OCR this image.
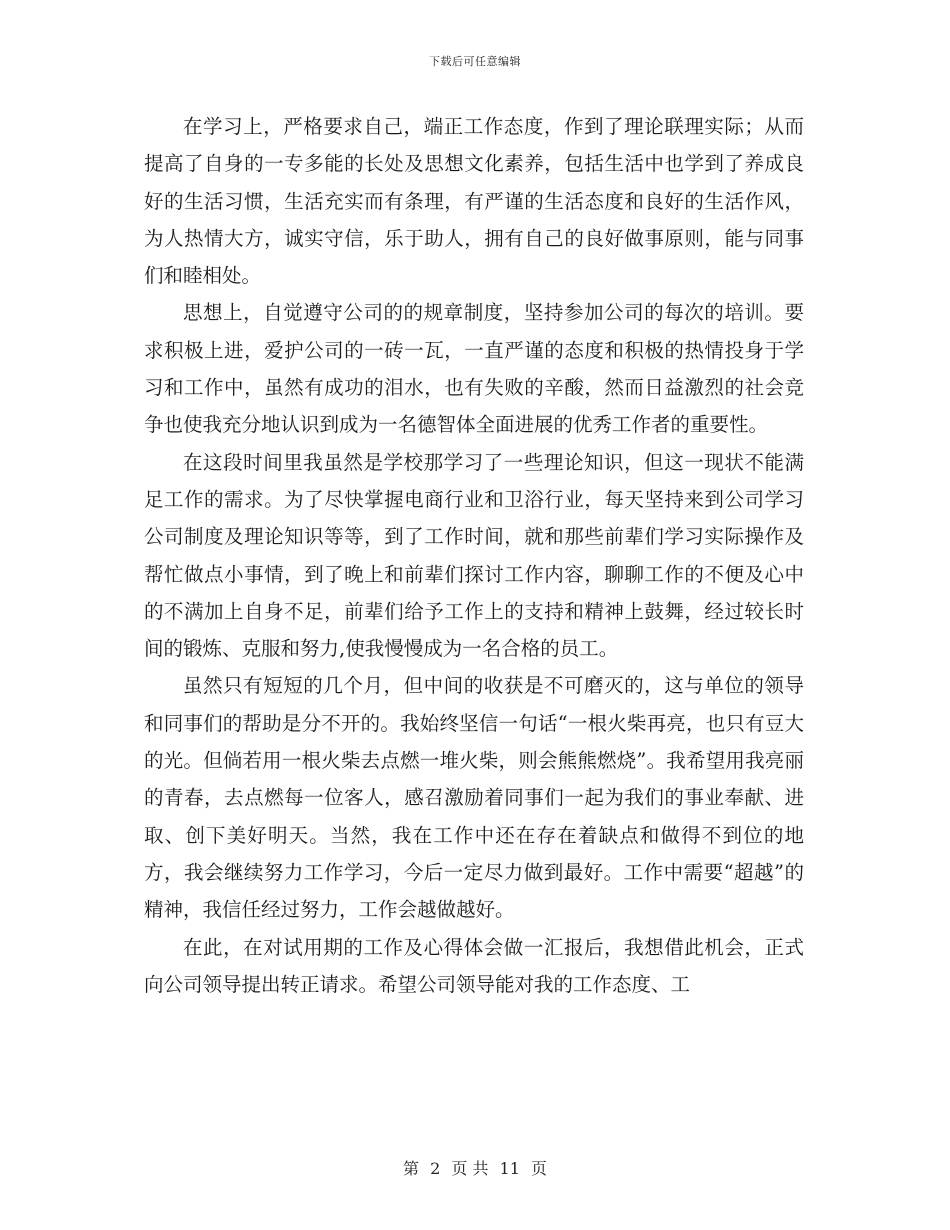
下载后可任意编辑

在学习上，严格要求自己，端正工作态度，作到了理论联理实际；从而提高了自身的一专多能的长处及思想文化素养，包括生活中也学到了养成良好的生活习惯，生活充实而有条理，有严谨的生活态度和良好的生活作风，为人热情大方，诚实守信，乐于助人，拥有自己的良好做事原则，能与同事们和睦相处。

思想上，自觉遵守公司的的规章制度，坚持参加公司的每次的培训。要求积极上进，爱护公司的一砖一瓦，一直严谨的态度和积极的热情投身于学习和工作中，虽然有成功的泪水，也有失败的辛酸，然而日益激烈的社会竞争也使我充分地认识到成为一名德智体全面进展的优秀工作者的重要性。

在这段时间里我虽然是学校那学习了一些理论知识，但这一现状不能满足工作的需求。为了尽快掌握电商行业和卫浴行业，每天坚持来到公司学习公司制度及理论知识等等，到了工作时间，就和那些前辈们学习实际操作及帮忙做点小事情，到了晚上和前辈们探讨工作内容，聊聊工作的不便及心中的不满加上自身不足，前辈们给予工作上的支持和精神上鼓舞，经过较长时间的锻炼、克服和努力,使我慢慢成为一名合格的员工。

虽然只有短短的几个月，但中间的收获是不可磨灭的，这与单位的领导和同事们的帮助是分不开的。我始终坚信一句话“一根火柴再亮，也只有豆大的光。但倘若用一根火柴去点燃一堆火柴，则会熊熊燃烧”。我希望用我亮丽的青春，去点燃每一位客人，感召激励着同事们一起为我们的事业奉献、进取、创下美好明天。当然，我在工作中还在存在着缺点和做得不到位的地方，我会继续努力工作学习，今后一定尽力做到最好。工作中需要“超越”的精神，我信任经过努力，工作会越做越好。

在此，在对试用期的工作及心得体会做一汇报后，我想借此机会，正式向公司领导提出转正请求。希望公司领导能对我的工作态度、工

第 2 页 共 11 页
